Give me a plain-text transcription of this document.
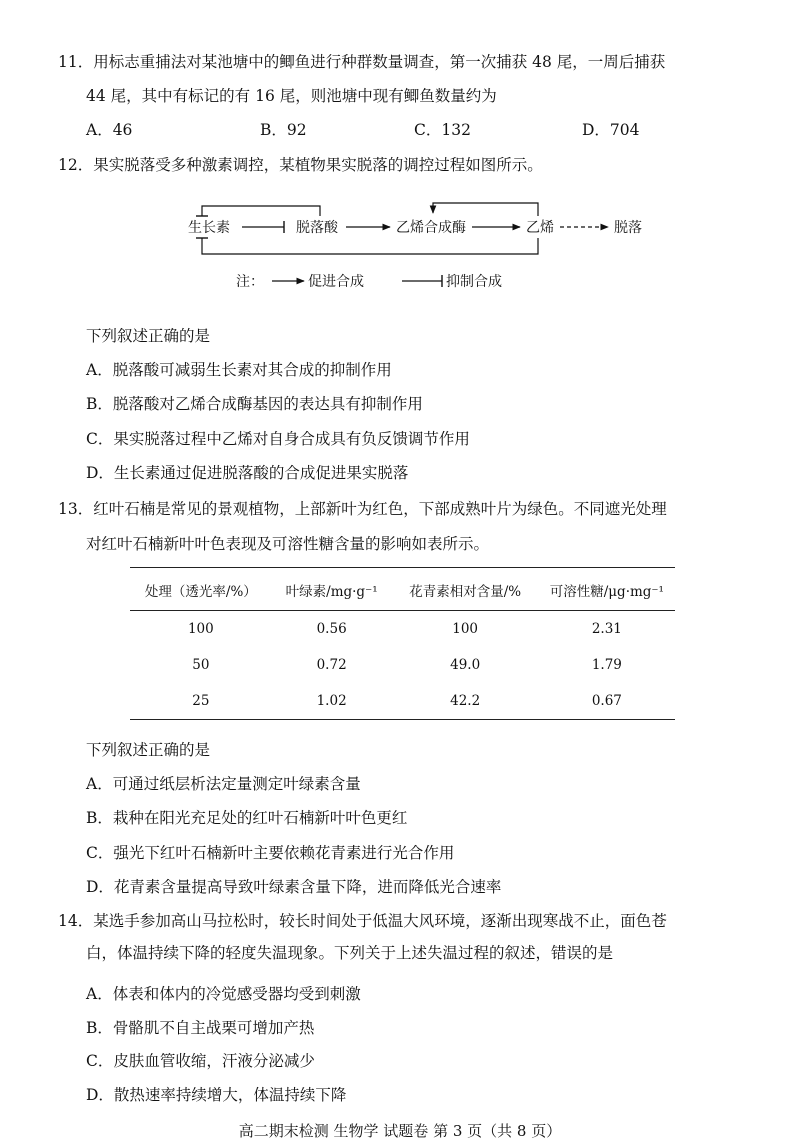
11．用标志重捕法对某池塘中的鲫鱼进行种群数量调查，第一次捕获 48 尾，一周后捕获
44 尾，其中有标记的有 16 尾，则池塘中现有鲫鱼数量约为
A．46	B．92	C．132	D．704
12．果实脱落受多种激素调控，某植物果实脱落的调控过程如图所示。
生长素	脱落酸	乙烯合成酶	乙烯	脱落
注：	促进合成	抑制合成
下列叙述正确的是
A．脱落酸可减弱生长素对其合成的抑制作用
B．脱落酸对乙烯合成酶基因的表达具有抑制作用
C．果实脱落过程中乙烯对自身合成具有负反馈调节作用
D．生长素通过促进脱落酸的合成促进果实脱落
13．红叶石楠是常见的景观植物，上部新叶为红色，下部成熟叶片为绿色。不同遮光处理
对红叶石楠新叶叶色表现及可溶性糖含量的影响如表所示。
处理（透光率/%）	叶绿素/mg·g⁻¹	花青素相对含量/%	可溶性糖/μg·mg⁻¹
100	0.56	100	2.31
50	0.72	49.0	1.79
25	1.02	42.2	0.67
下列叙述正确的是
A．可通过纸层析法定量测定叶绿素含量
B．栽种在阳光充足处的红叶石楠新叶叶色更红
C．强光下红叶石楠新叶主要依赖花青素进行光合作用
D．花青素含量提高导致叶绿素含量下降，进而降低光合速率
14．某选手参加高山马拉松时，较长时间处于低温大风环境，逐渐出现寒战不止，面色苍
白，体温持续下降的轻度失温现象。下列关于上述失温过程的叙述，错误的是
A．体表和体内的冷觉感受器均受到刺激
B．骨骼肌不自主战栗可增加产热
C．皮肤血管收缩，汗液分泌减少
D．散热速率持续增大，体温持续下降
高二期末检测 生物学 试题卷 第 3 页（共 8 页）
